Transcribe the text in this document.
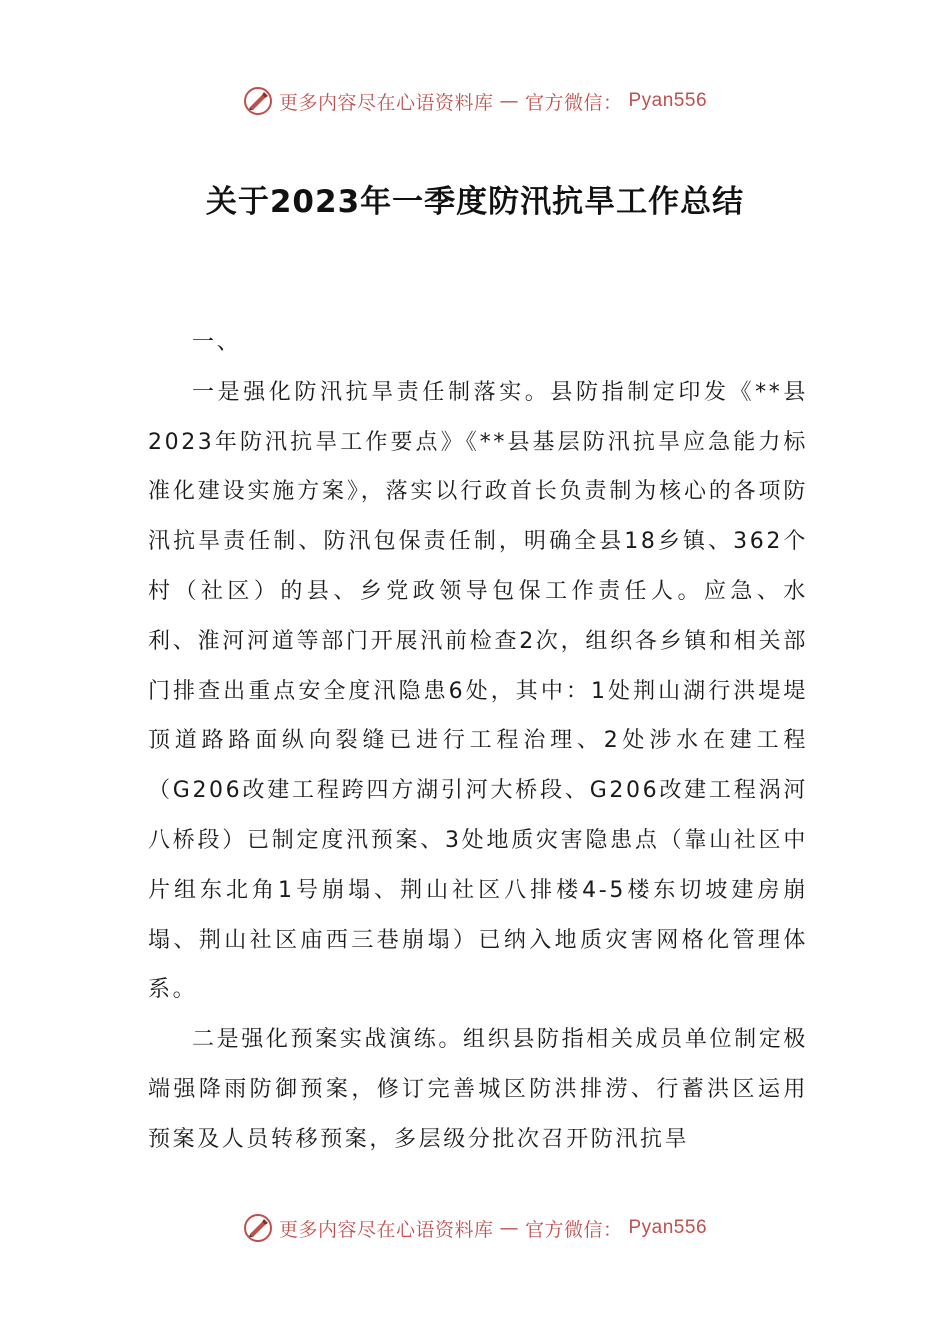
更多内容尽在心语资料库 — 官方微信： Pyan556
关于2023年一季度防汛抗旱工作总结

一、

一是强化防汛抗旱责任制落实。县防指制定印发《**县2023年防汛抗旱工作要点》《**县基层防汛抗旱应急能力标准化建设实施方案》，落实以行政首长负责制为核心的各项防汛抗旱责任制、防汛包保责任制，明确全县18乡镇、362个村（社区）的县、乡党政领导包保工作责任人。应急、水利、淮河河道等部门开展汛前检查2次，组织各乡镇和相关部门排查出重点安全度汛隐患6处，其中：1处荆山湖行洪堤堤顶道路路面纵向裂缝已进行工程治理、2处涉水在建工程（G206改建工程跨四方湖引河大桥段、G206改建工程涡河八桥段）已制定度汛预案、3处地质灾害隐患点（靠山社区中片组东北角1号崩塌、荆山社区八排楼4-5楼东切坡建房崩塌、荆山社区庙西三巷崩塌）已纳入地质灾害网格化管理体系。

二是强化预案实战演练。组织县防指相关成员单位制定极端强降雨防御预案，修订完善城区防洪排涝、行蓄洪区运用预案及人员转移预案，多层级分批次召开防汛抗旱

更多内容尽在心语资料库 — 官方微信： Pyan556
